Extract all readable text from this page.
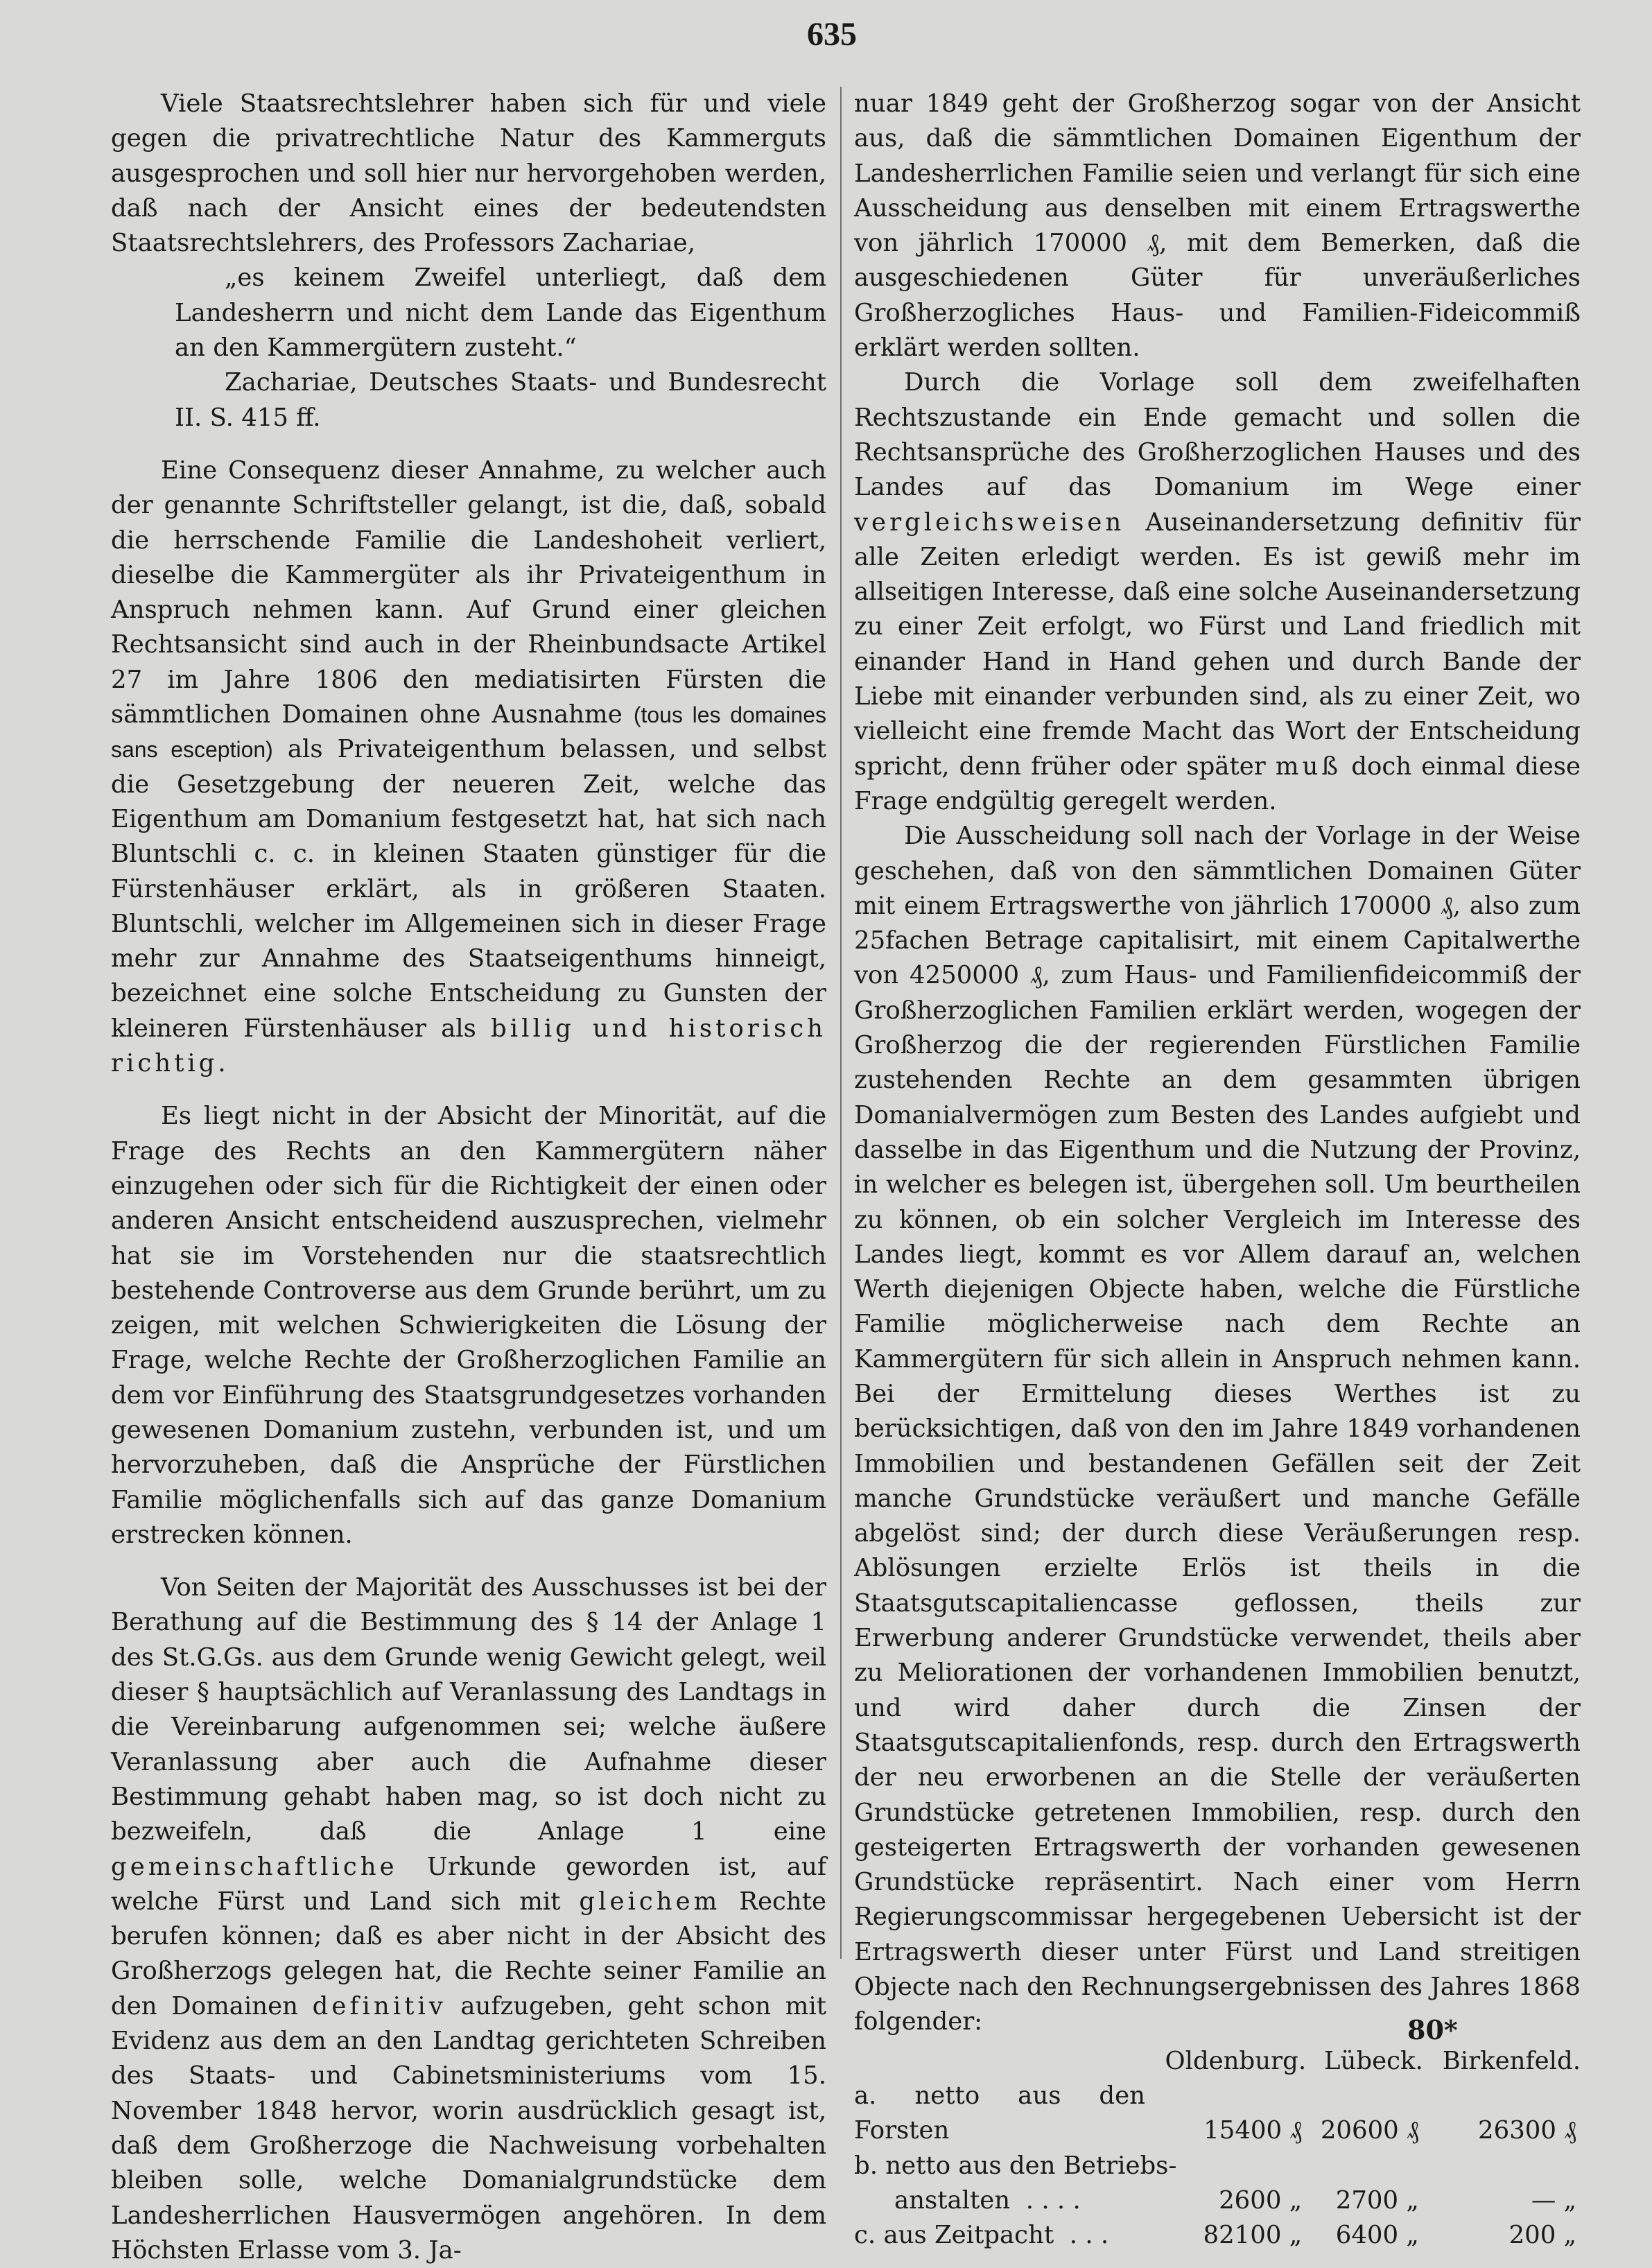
635

Viele Staatsrechtslehrer haben sich für und viele gegen die privatrechtliche Natur des Kammerguts ausgesprochen und soll hier nur hervorgehoben werden, daß nach der Ansicht eines der bedeutendsten Staatsrechtslehrers, des Professors Zachariae,

„es keinem Zweifel unterliegt, daß dem Landesherrn und nicht dem Lande das Eigenthum an den Kammergütern zusteht.“

Zachariae, Deutsches Staats- und Bundesrecht II. S. 415 ff.

Eine Consequenz dieser Annahme, zu welcher auch der genannte Schriftsteller gelangt, ist die, daß, sobald die herrschende Familie die Landeshoheit verliert, dieselbe die Kammergüter als ihr Privateigenthum in Anspruch nehmen kann. Auf Grund einer gleichen Rechtsansicht sind auch in der Rheinbundsacte Artikel 27 im Jahre 1806 den mediatisirten Fürsten die sämmtlichen Domainen ohne Ausnahme (tous les domaines sans esception) als Privateigenthum belassen, und selbst die Gesetzgebung der neueren Zeit, welche das Eigenthum am Domanium festgesetzt hat, hat sich nach Bluntschli c. c. in kleinen Staaten günstiger für die Fürstenhäuser erklärt, als in größeren Staaten. Bluntschli, welcher im Allgemeinen sich in dieser Frage mehr zur Annahme des Staatseigenthums hinneigt, bezeichnet eine solche Entscheidung zu Gunsten der kleineren Fürstenhäuser als billig und historisch richtig.

Es liegt nicht in der Absicht der Minorität, auf die Frage des Rechts an den Kammergütern näher einzugehen oder sich für die Richtigkeit der einen oder anderen Ansicht entscheidend auszusprechen, vielmehr hat sie im Vorstehenden nur die staatsrechtlich bestehende Controverse aus dem Grunde berührt, um zu zeigen, mit welchen Schwierigkeiten die Lösung der Frage, welche Rechte der Großherzoglichen Familie an dem vor Einführung des Staatsgrundgesetzes vorhanden gewesenen Domanium zustehn, verbunden ist, und um hervorzuheben, daß die Ansprüche der Fürstlichen Familie möglichenfalls sich auf das ganze Domanium erstrecken können.

Von Seiten der Majorität des Ausschusses ist bei der Berathung auf die Bestimmung des § 14 der Anlage 1 des St.G.Gs. aus dem Grunde wenig Gewicht gelegt, weil dieser § hauptsächlich auf Veranlassung des Landtags in die Vereinbarung aufgenommen sei; welche äußere Veranlassung aber auch die Aufnahme dieser Bestimmung gehabt haben mag, so ist doch nicht zu bezweifeln, daß die Anlage 1 eine gemeinschaftliche Urkunde geworden ist, auf welche Fürst und Land sich mit gleichem Rechte berufen können; daß es aber nicht in der Absicht des Großherzogs gelegen hat, die Rechte seiner Familie an den Domainen definitiv aufzugeben, geht schon mit Evidenz aus dem an den Landtag gerichteten Schreiben des Staats- und Cabinetsministeriums vom 15. November 1848 hervor, worin ausdrücklich gesagt ist, daß dem Großherzoge die Nachweisung vorbehalten bleiben solle, welche Domanialgrundstücke dem Landesherrlichen Hausvermögen angehören. In dem Höchsten Erlasse vom 3. Ja-

nuar 1849 geht der Großherzog sogar von der Ansicht aus, daß die sämmtlichen Domainen Eigenthum der Landesherrlichen Familie seien und verlangt für sich eine Ausscheidung aus denselben mit einem Ertragswerthe von jährlich 170000 ₰, mit dem Bemerken, daß die ausgeschiedenen Güter für unveräußerliches Großherzogliches Haus- und Familien-Fideicommiß erklärt werden sollten.

Durch die Vorlage soll dem zweifelhaften Rechtszustande ein Ende gemacht und sollen die Rechtsansprüche des Großherzoglichen Hauses und des Landes auf das Domanium im Wege einer vergleichsweisen Auseinandersetzung definitiv für alle Zeiten erledigt werden. Es ist gewiß mehr im allseitigen Interesse, daß eine solche Auseinandersetzung zu einer Zeit erfolgt, wo Fürst und Land friedlich mit einander Hand in Hand gehen und durch Bande der Liebe mit einander verbunden sind, als zu einer Zeit, wo vielleicht eine fremde Macht das Wort der Entscheidung spricht, denn früher oder später muß doch einmal diese Frage endgültig geregelt werden.

Die Ausscheidung soll nach der Vorlage in der Weise geschehen, daß von den sämmtlichen Domainen Güter mit einem Ertragswerthe von jährlich 170000 ₰, also zum 25fachen Betrage capitalisirt, mit einem Capitalwerthe von 4250000 ₰, zum Haus- und Familienfideicommiß der Großherzoglichen Familien erklärt werden, wogegen der Großherzog die der regierenden Fürstlichen Familie zustehenden Rechte an dem gesammten übrigen Domanialvermögen zum Besten des Landes aufgiebt und dasselbe in das Eigenthum und die Nutzung der Provinz, in welcher es belegen ist, übergehen soll. Um beurtheilen zu können, ob ein solcher Vergleich im Interesse des Landes liegt, kommt es vor Allem darauf an, welchen Werth diejenigen Objecte haben, welche die Fürstliche Familie möglicherweise nach dem Rechte an Kammergütern für sich allein in Anspruch nehmen kann. Bei der Ermittelung dieses Werthes ist zu berücksichtigen, daß von den im Jahre 1849 vorhandenen Immobilien und bestandenen Gefällen seit der Zeit manche Grundstücke veräußert und manche Gefälle abgelöst sind; der durch diese Veräußerungen resp. Ablösungen erzielte Erlös ist theils in die Staatsgutscapitaliencasse geflossen, theils zur Erwerbung anderer Grundstücke verwendet, theils aber zu Meliorationen der vorhandenen Immobilien benutzt, und wird daher durch die Zinsen der Staatsgutscapitalienfonds, resp. durch den Ertragswerth der neu erworbenen an die Stelle der veräußerten Grundstücke getretenen Immobilien, resp. durch den gesteigerten Ertragswerth der vorhanden gewesenen Grundstücke repräsentirt. Nach einer vom Herrn Regierungscommissar hergegebenen Uebersicht ist der Ertragswerth dieser unter Fürst und Land streitigen Objecte nach den Rechnungsergebnissen des Jahres 1868 folgender:

	Oldenburg.	Lübeck.	Birkenfeld.
a. netto aus den Forsten	15400 ₰	20600 ₰	26300 ₰
b. netto aus den Betriebs-			
anstalten . . . .	2600 „	2700 „	— „
c. aus Zeitpacht . . .	82100 „	6400 „	200 „
80*
